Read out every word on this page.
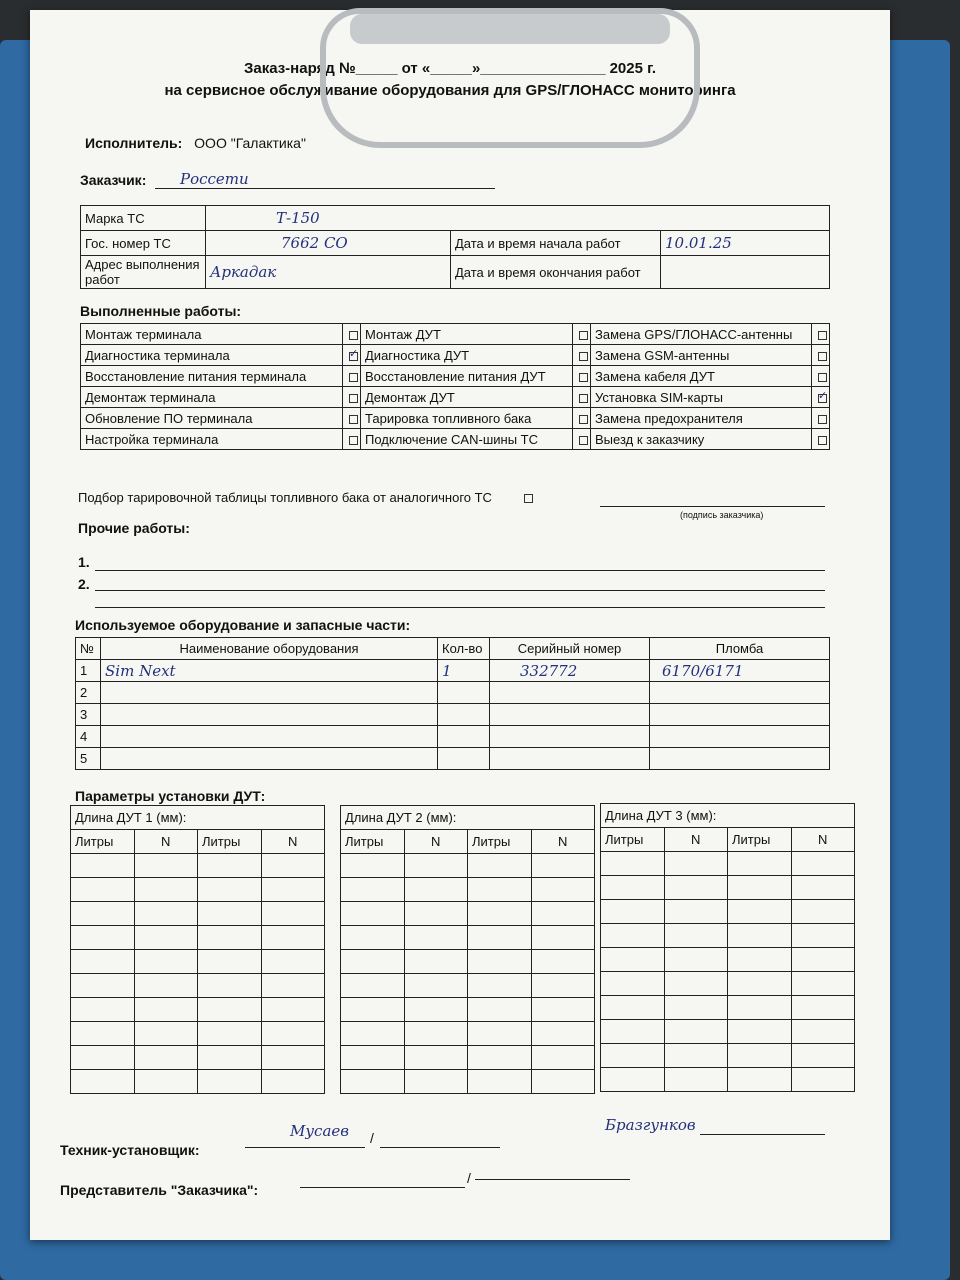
Заказ-наряд №_____ от «_____»_______________ 2025 г.
на сервисное обслуживание оборудования для GPS/ГЛОНАСС мониторинга
Исполнитель: ООО "Галактика"
Заказчик: Россети
Марка ТС	Т-150		
Гос. номер ТС	7662 СО	Дата и время начала работ	10.01.25
Адрес выполнения работ	Аркадак	Дата и время окончания работ	
Выполненные работы:
Монтаж терминала		Монтаж ДУТ		Замена GPS/ГЛОНАСС-антенны	
Диагностика терминала	✓	Диагностика ДУТ		Замена GSM-антенны	
Восстановление питания терминала		Восстановление питания ДУТ		Замена кабеля ДУТ	
Демонтаж терминала		Демонтаж ДУТ		Установка SIM-карты	✓
Обновление ПО терминала		Тарировка топливного бака		Замена предохранителя	
Настройка терминала		Подключение CAN-шины ТС		Выезд к заказчику	
Подбор тарировочной таблицы топливного бака от аналогичного ТС
(подпись заказчика)
Прочие работы:
1.
2.
Используемое оборудование и запасные части:
№	Наименование оборудования	Кол-во	Серийный номер	Пломба
1	Sim Next	1	332772	6170/6171
2				
3				
4				
5				
Параметры установки ДУТ:
Длина ДУТ 1 (мм):			
Литры	N	Литры	N

Длина ДУТ 2 (мм):			
Литры	N	Литры	N

Длина ДУТ 3 (мм):			
Литры	N	Литры	N

Техник-установщик:
Мусаев /
Бразгунков
Представитель "Заказчика":
/
